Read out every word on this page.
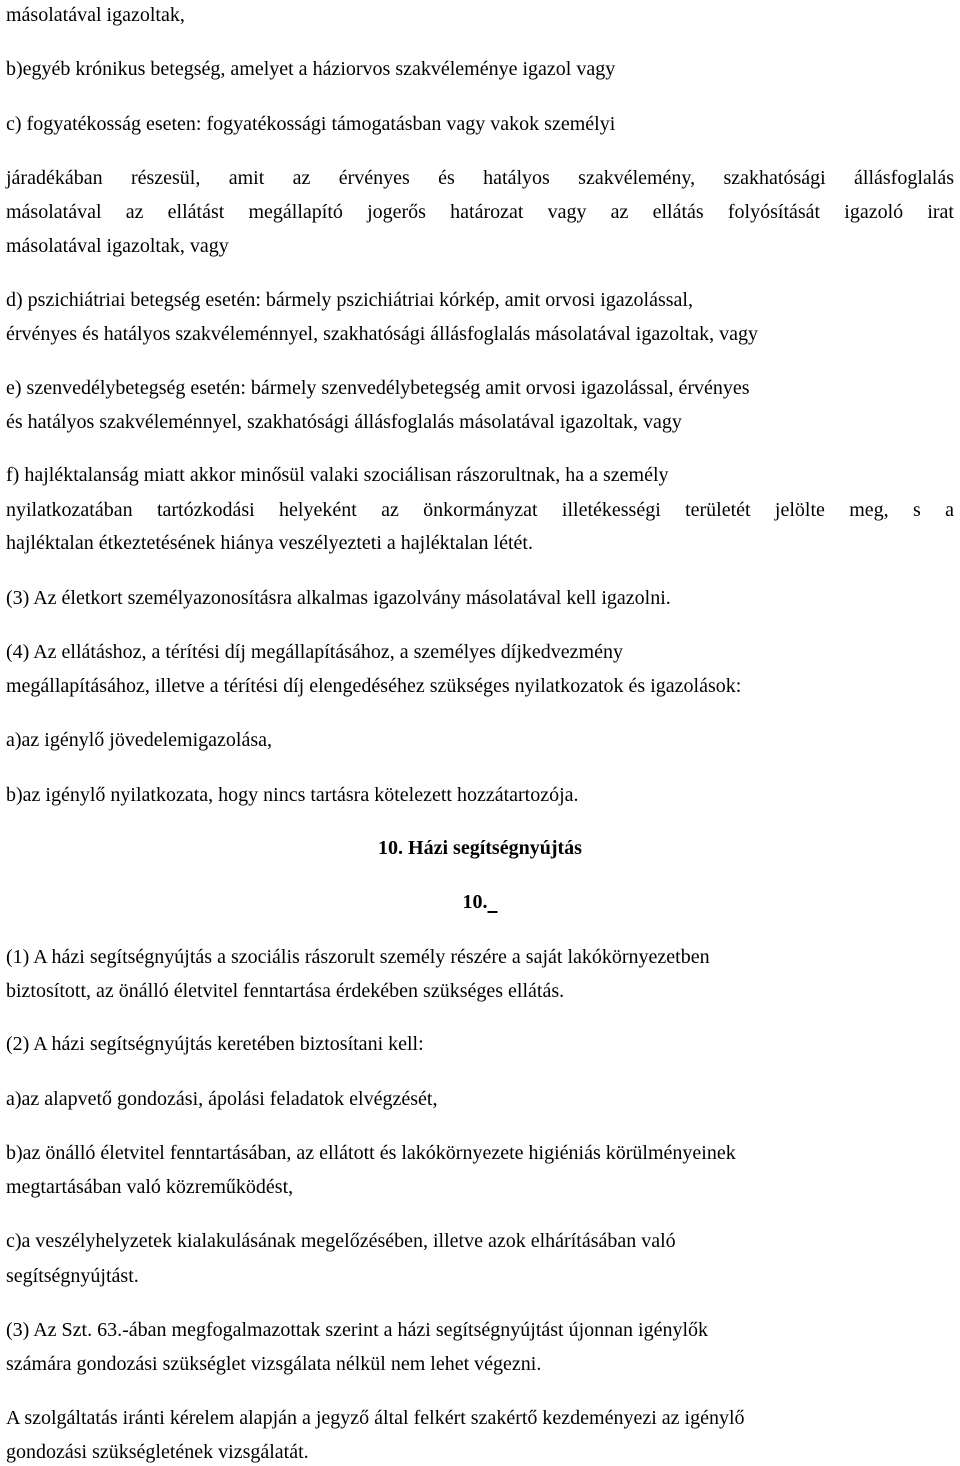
másolatával igazoltak,
b)egyéb krónikus betegség, amelyet a háziorvos szakvéleménye igazol vagy
c) fogyatékosság eseten: fogyatékossági támogatásban vagy vakok személyi
járadékában részesül, amit az érvényes és hatályos szakvélemény, szakhatósági állásfoglalás
másolatával az ellátást megállapító jogerős határozat vagy az ellátás folyósítását igazoló irat
másolatával igazoltak, vagy
d) pszichiátriai betegség esetén: bármely pszichiátriai kórkép, amit orvosi igazolással,
érvényes és hatályos szakvéleménnyel, szakhatósági állásfoglalás másolatával igazoltak, vagy
e) szenvedélybetegség esetén: bármely szenvedélybetegség amit orvosi igazolással, érvényes
és hatályos szakvéleménnyel, szakhatósági állásfoglalás másolatával igazoltak, vagy
f) hajléktalanság miatt akkor minősül valaki szociálisan rászorultnak, ha a személy
nyilatkozatában tartózkodási helyeként az önkormányzat illetékességi területét jelölte meg, s a
hajléktalan étkeztetésének hiánya veszélyezteti a hajléktalan létét.
(3) Az életkort személyazonosításra alkalmas igazolvány másolatával kell igazolni.
(4) Az ellátáshoz, a térítési díj megállapításához, a személyes díjkedvezmény
megállapításához, illetve a térítési díj elengedéséhez szükséges nyilatkozatok és igazolások:
a)az igénylő jövedelemigazolása,
b)az igénylő nyilatkozata, hogy nincs tartásra kötelezett hozzátartozója.
10. Házi segítségnyújtás
10.
(1) A házi segítségnyújtás a szociális rászorult személy részére a saját lakókörnyezetben
biztosított, az önálló életvitel fenntartása érdekében szükséges ellátás.
(2) A házi segítségnyújtás keretében biztosítani kell:
a)az alapvető gondozási, ápolási feladatok elvégzését,
b)az önálló életvitel fenntartásában, az ellátott és lakókörnyezete higiéniás körülményeinek
megtartásában való közreműködést,
c)a veszélyhelyzetek kialakulásának megelőzésében, illetve azok elhárításában való
segítségnyújtást.
(3) Az Szt. 63.-ában megfogalmazottak szerint a házi segítségnyújtást újonnan igénylők
számára gondozási szükséglet vizsgálata nélkül nem lehet végezni.
A szolgáltatás iránti kérelem alapján a jegyző által felkért szakértő kezdeményezi az igénylő
gondozási szükségletének vizsgálatát.
